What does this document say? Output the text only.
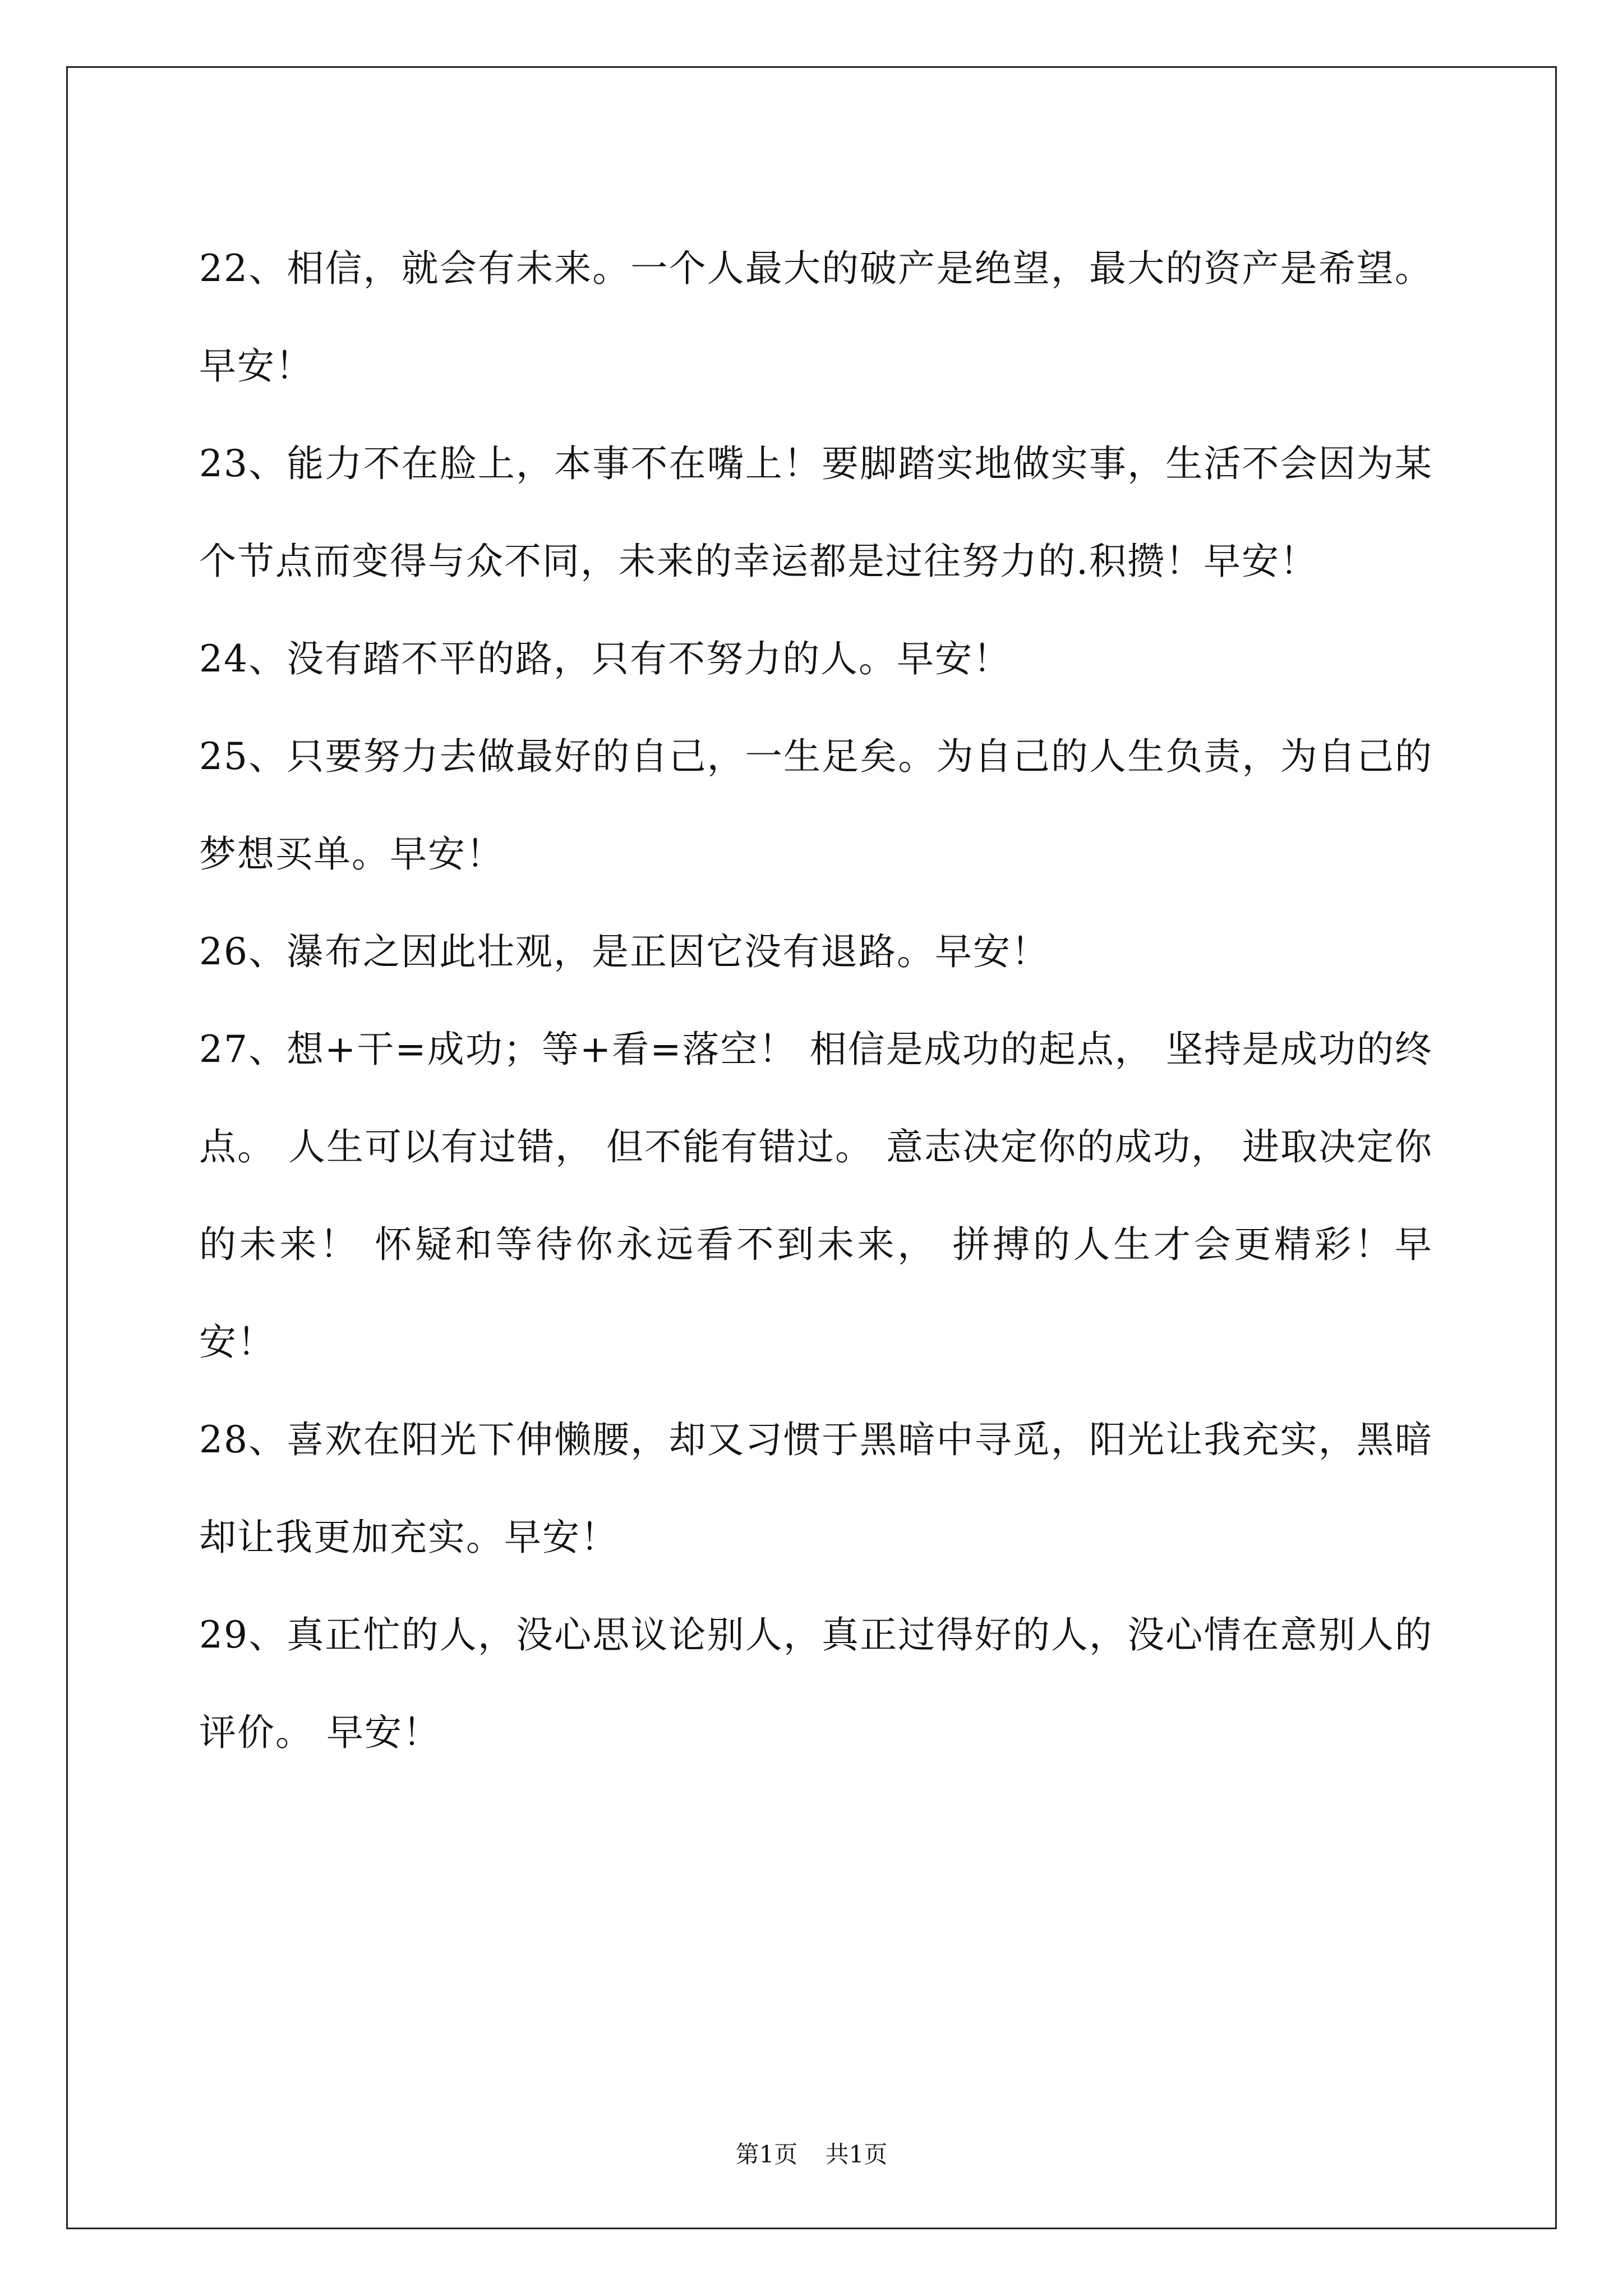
22、相信，就会有未来。一个人最大的破产是绝望，最大的资产是希望。早安！

23、能力不在脸上，本事不在嘴上！要脚踏实地做实事，生活不会因为某个节点而变得与众不同，未来的幸运都是过往努力的.积攒！早安！

24、没有踏不平的路，只有不努力的人。早安！

25、只要努力去做最好的自己，一生足矣。为自己的人生负责，为自己的梦想买单。早安！

26、瀑布之因此壮观，是正因它没有退路。早安！

27、想+干=成功；等+看=落空！ 相信是成功的起点， 坚持是成功的终点。 人生可以有过错， 但不能有错过。 意志决定你的成功， 进取决定你的未来！ 怀疑和等待你永远看不到未来， 拼搏的人生才会更精彩！早安！

28、喜欢在阳光下伸懒腰，却又习惯于黑暗中寻觅，阳光让我充实，黑暗却让我更加充实。早安！

29、真正忙的人，没心思议论别人，真正过得好的人，没心情在意别人的评价。 早安！

第1页 共1页
